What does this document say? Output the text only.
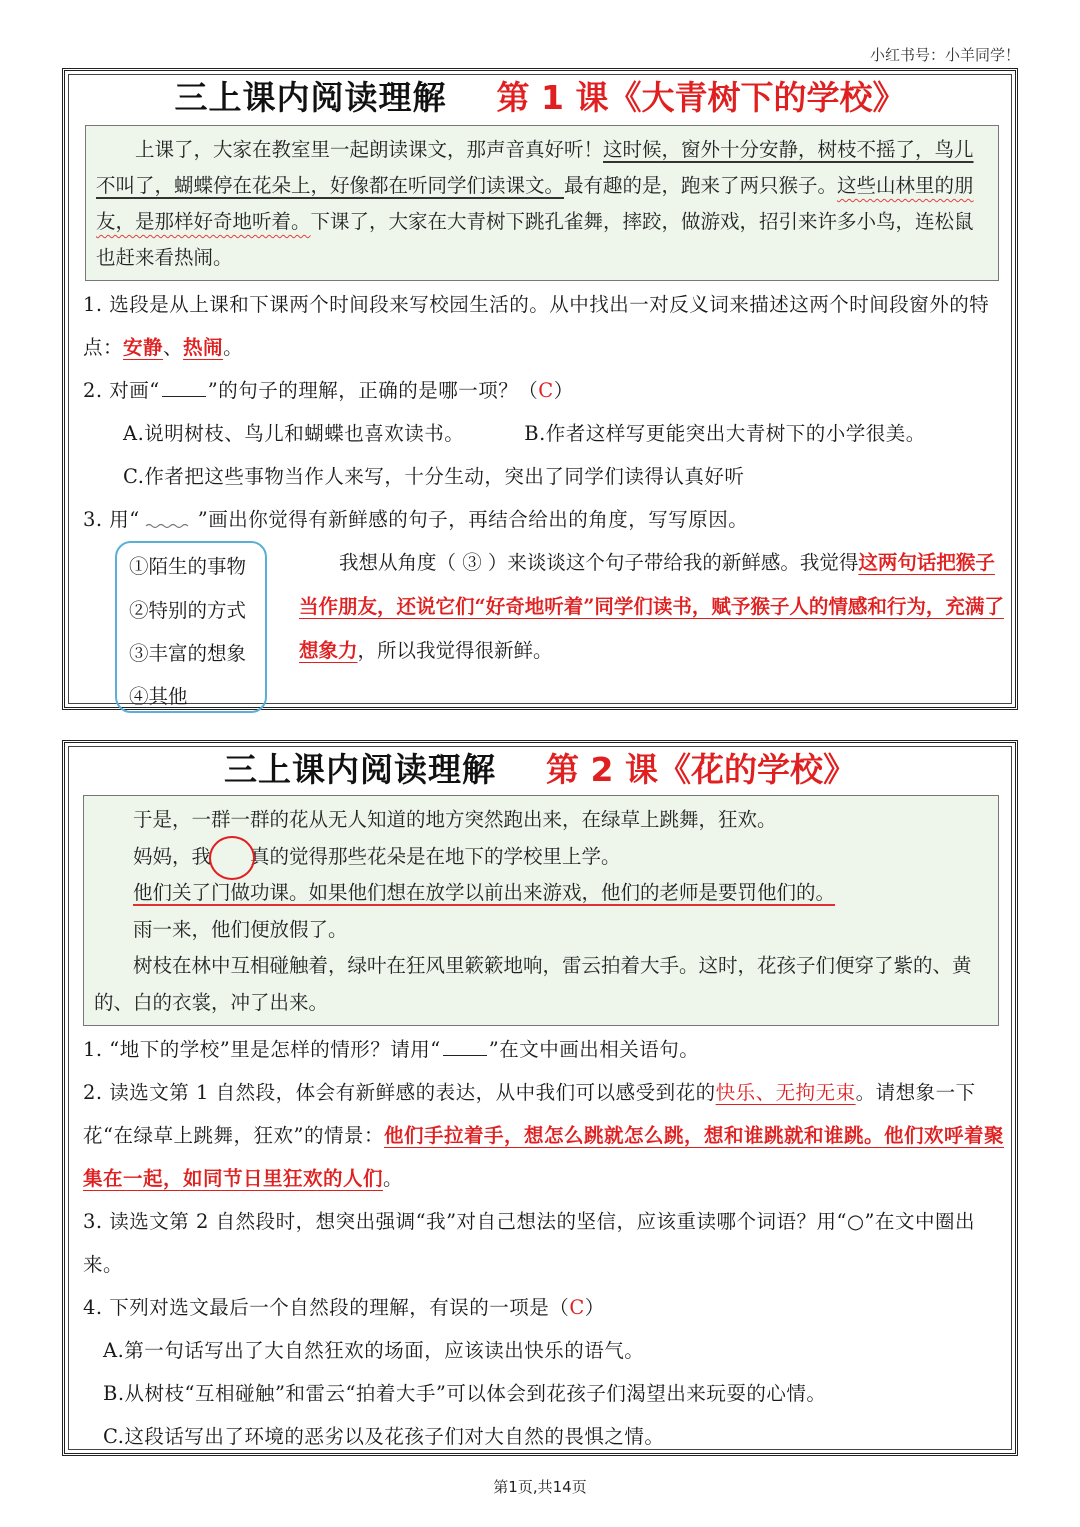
小红书号：小羊同学！
三上课内阅读理解 第 1 课《大青树下的学校》
上课了，大家在教室里一起朗读课文，那声音真好听！这时候，窗外十分安静，树枝不摇了，鸟儿不叫了，蝴蝶停在花朵上，好像都在听同学们读课文。最有趣的是，跑来了两只猴子。这些山林里的朋友，是那样好奇地听着。下课了，大家在大青树下跳孔雀舞，摔跤，做游戏，招引来许多小鸟，连松鼠也赶来看热闹。
1. 选段是从上课和下课两个时间段来写校园生活的。从中找出一对反义词来描述这两个时间段窗外的特点：安静、热闹。
2. 对画“ ”的句子的理解，正确的是哪一项？（C）
A.说明树枝、鸟儿和蝴蝶也喜欢读书。	B.作者这样写更能突出大青树下的小学很美。
C.作者把这些事物当作人来写，十分生动，突出了同学们读得认真好听
3. 用“	”画出你觉得有新鲜感的句子，再结合给出的角度，写写原因。
①陌生的事物
②特别的方式
③丰富的想象
④其他
我想从角度（ ③ ）来谈谈这个句子带给我的新鲜感。我觉得这两句话把猴子当作朋友，还说它们“好奇地听着”同学们读书，赋予猴子人的情感和行为，充满了想象力，所以我觉得很新鲜。
三上课内阅读理解 第 2 课《花的学校》
于是，一群一群的花从无人知道的地方突然跑出来，在绿草上跳舞，狂欢。
妈妈，我 真的觉得那些花朵是在地下的学校里上学。
他们关了门做功课。如果他们想在放学以前出来游戏，他们的老师是要罚他们的。
雨一来，他们便放假了。
树枝在林中互相碰触着，绿叶在狂风里簌簌地响，雷云拍着大手。这时，花孩子们便穿了紫的、黄的、白的衣裳，冲了出来。
1. “地下的学校”里是怎样的情形？请用“ ”在文中画出相关语句。
2. 读选文第 1 自然段，体会有新鲜感的表达，从中我们可以感受到花的快乐、无拘无束。请想象一下花“在绿草上跳舞，狂欢”的情景：他们手拉着手，想怎么跳就怎么跳，想和谁跳就和谁跳。他们欢呼着聚集在一起，如同节日里狂欢的人们。
3. 读选文第 2 自然段时，想突出强调“我”对自己想法的坚信，应该重读哪个词语？用“○”在文中圈出来。
4. 下列对选文最后一个自然段的理解，有误的一项是（C）
A.第一句话写出了大自然狂欢的场面，应该读出快乐的语气。
B.从树枝“互相碰触”和雷云“拍着大手”可以体会到花孩子们渴望出来玩耍的心情。
C.这段话写出了环境的恶劣以及花孩子们对大自然的畏惧之情。
第1页,共14页
